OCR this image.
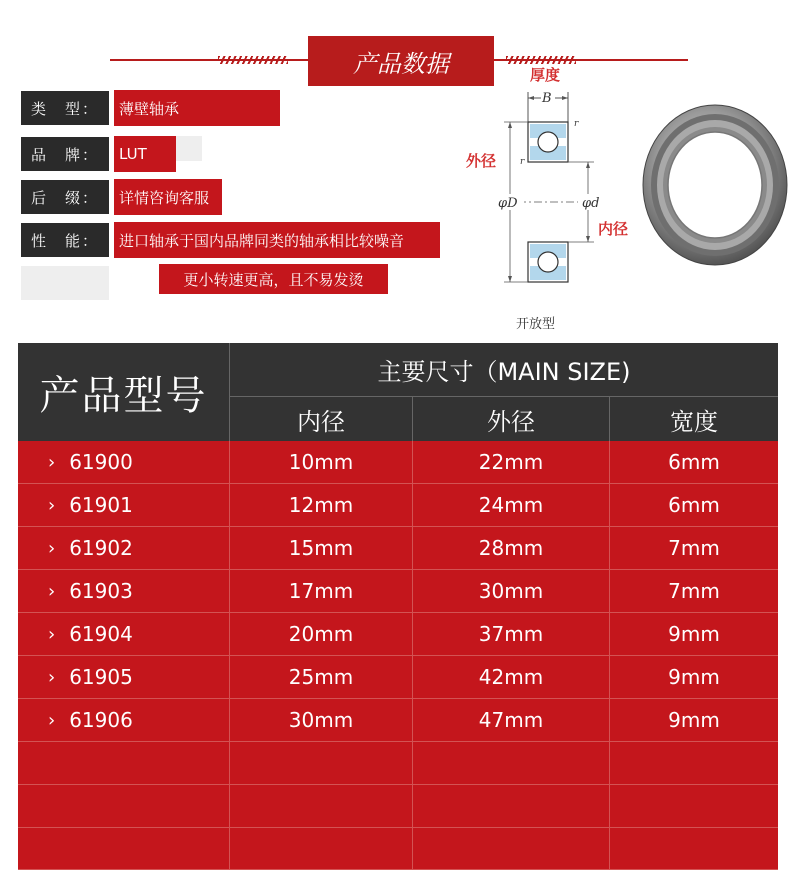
产品数据
类　型：	薄壁轴承
品　牌：	LUT
后　缀：	详情咨询客服
性　能：	进口轴承于国内品牌同类的轴承相比较噪音
更小转速更高，且不易发烫
厚度
B
r
r
φD	φd
外径
内径
开放型
产品型号
主要尺寸（MAIN SIZE)
内径	外径	宽度
› 61900	10mm	22mm	6mm
› 61901	12mm	24mm	6mm
› 61902	15mm	28mm	7mm
› 61903	17mm	30mm	7mm
› 61904	20mm	37mm	9mm
› 61905	25mm	42mm	9mm
› 61906	30mm	47mm	9mm
